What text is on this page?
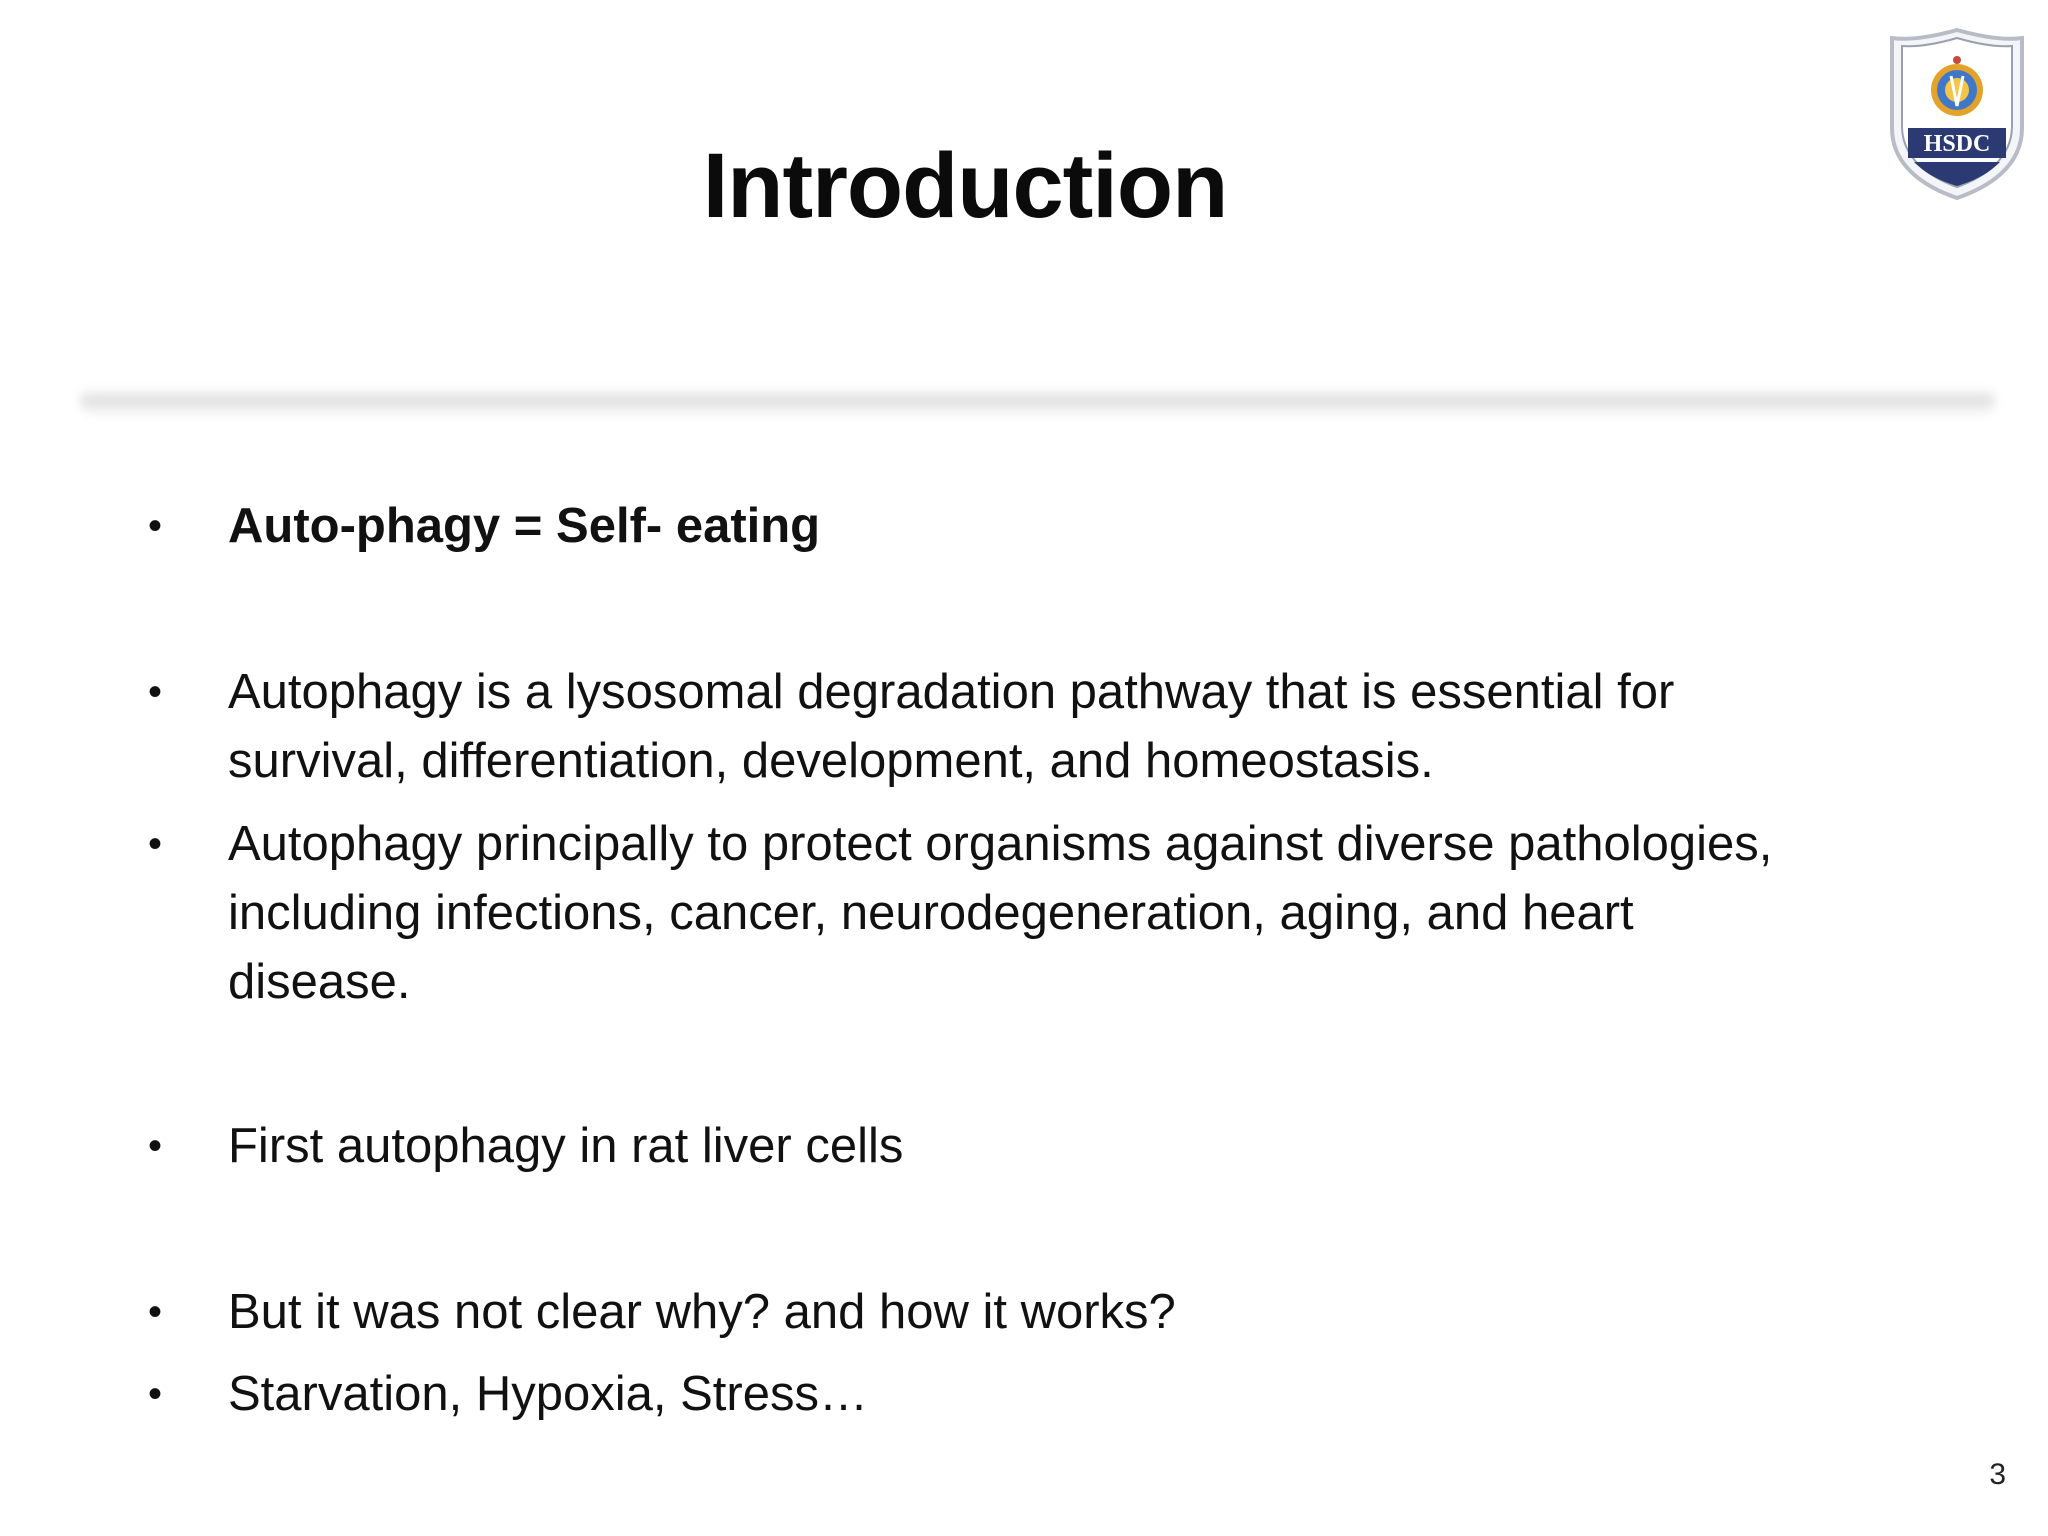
Introduction	HSDC
•	Auto-phagy = Self- eating
•	Autophagy is a lysosomal degradation pathway that is essential for
survival, differentiation, development, and homeostasis.
•	Autophagy principally to protect organisms against diverse pathologies,
including infections, cancer, neurodegeneration, aging, and heart
disease.
•	First autophagy in rat liver cells
•	But it was not clear why? and how it works?
•	Starvation, Hypoxia, Stress…
3
